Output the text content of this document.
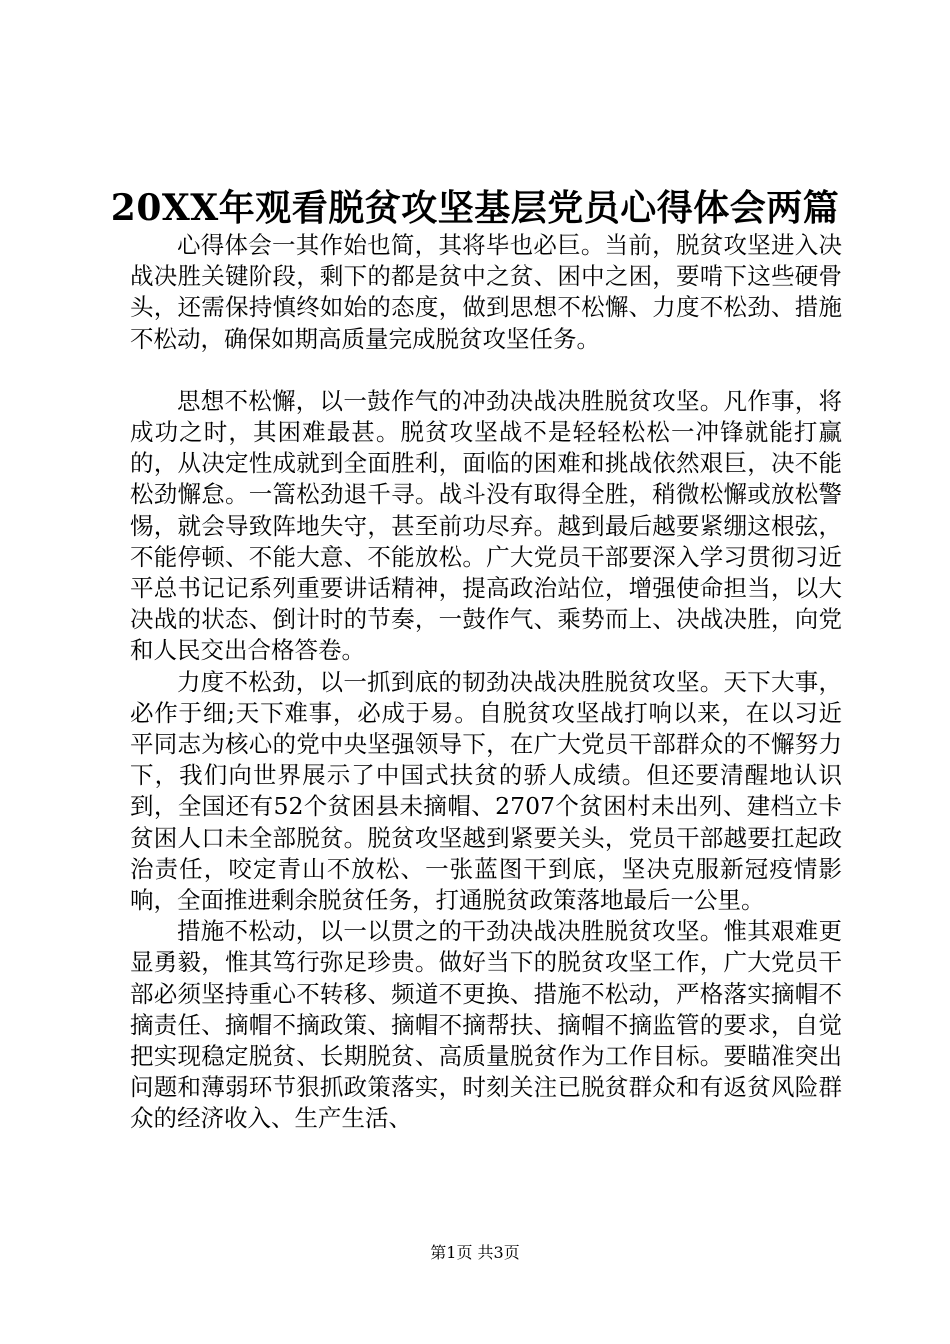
20XX年观看脱贫攻坚基层党员心得体会两篇

心得体会一其作始也简，其将毕也必巨。当前，脱贫攻坚进入决战决胜关键阶段，剩下的都是贫中之贫、困中之困，要啃下这些硬骨头，还需保持慎终如始的态度，做到思想不松懈、力度不松劲、措施不松动，确保如期高质量完成脱贫攻坚任务。

思想不松懈，以一鼓作气的冲劲决战决胜脱贫攻坚。凡作事，将成功之时，其困难最甚。脱贫攻坚战不是轻轻松松一冲锋就能打赢的，从决定性成就到全面胜利，面临的困难和挑战依然艰巨，决不能松劲懈怠。一篙松劲退千寻。战斗没有取得全胜，稍微松懈或放松警惕，就会导致阵地失守，甚至前功尽弃。越到最后越要紧绷这根弦，不能停顿、不能大意、不能放松。广大党员干部要深入学习贯彻习近平总书记记系列重要讲话精神，提高政治站位，增强使命担当，以大决战的状态、倒计时的节奏，一鼓作气、乘势而上、决战决胜，向党和人民交出合格答卷。

力度不松劲，以一抓到底的韧劲决战决胜脱贫攻坚。天下大事，必作于细;天下难事，必成于易。自脱贫攻坚战打响以来，在以习近平同志为核心的党中央坚强领导下，在广大党员干部群众的不懈努力下，我们向世界展示了中国式扶贫的骄人成绩。但还要清醒地认识到，全国还有52个贫困县未摘帽、2707个贫困村未出列、建档立卡贫困人口未全部脱贫。脱贫攻坚越到紧要关头，党员干部越要扛起政治责任，咬定青山不放松、一张蓝图干到底，坚决克服新冠疫情影响，全面推进剩余脱贫任务，打通脱贫政策落地最后一公里。

措施不松动，以一以贯之的干劲决战决胜脱贫攻坚。惟其艰难更显勇毅，惟其笃行弥足珍贵。做好当下的脱贫攻坚工作，广大党员干部必须坚持重心不转移、频道不更换、措施不松动，严格落实摘帽不摘责任、摘帽不摘政策、摘帽不摘帮扶、摘帽不摘监管的要求，自觉把实现稳定脱贫、长期脱贫、高质量脱贫作为工作目标。要瞄准突出问题和薄弱环节狠抓政策落实，时刻关注已脱贫群众和有返贫风险群众的经济收入、生产生活、

第1页 共3页
